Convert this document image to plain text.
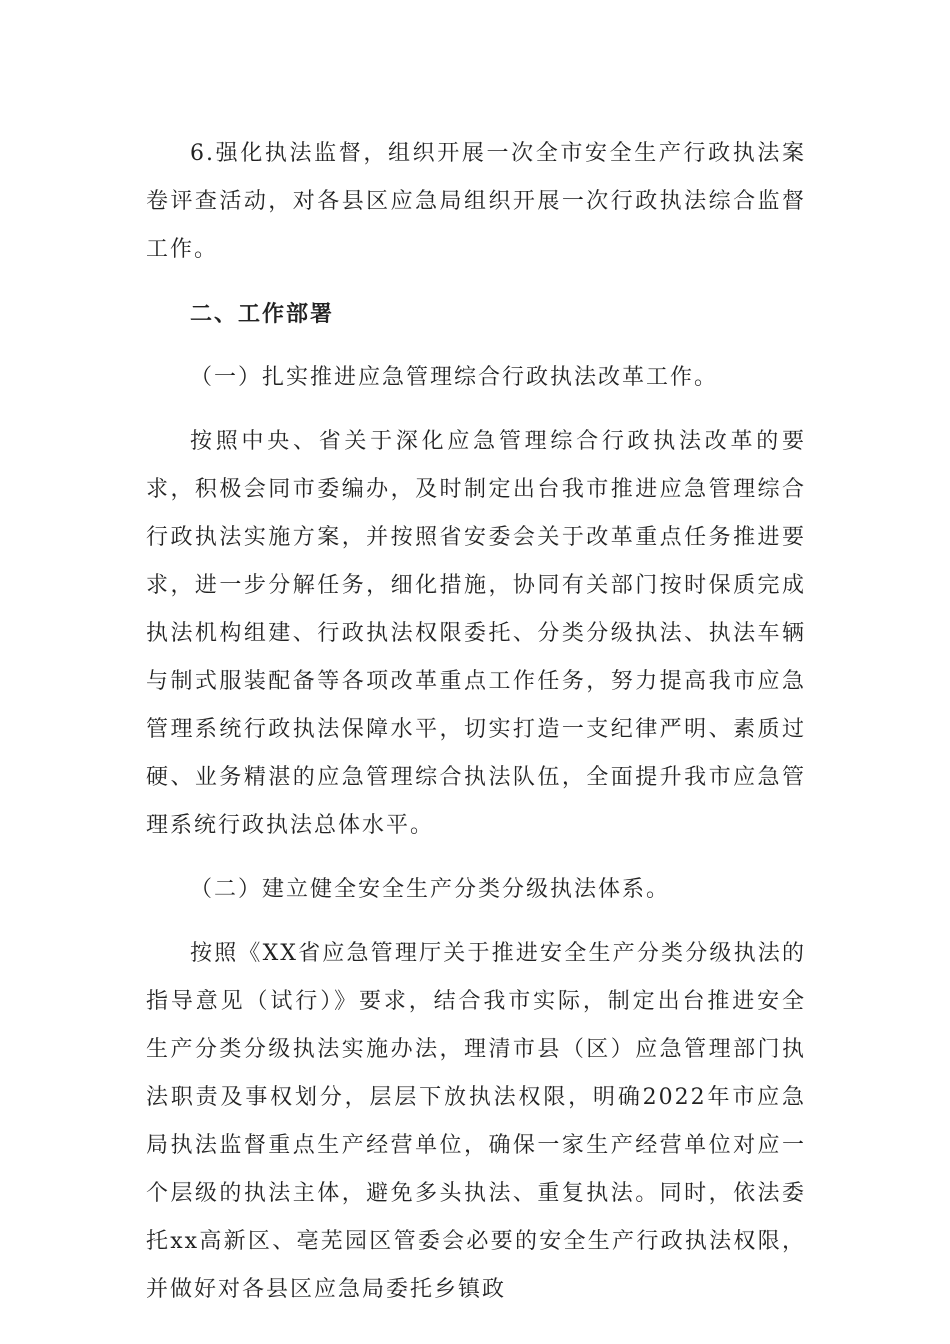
6.强化执法监督，组织开展一次全市安全生产行政执法案卷评查活动，对各县区应急局组织开展一次行政执法综合监督工作。

二、工作部署

（一）扎实推进应急管理综合行政执法改革工作。

按照中央、省关于深化应急管理综合行政执法改革的要求，积极会同市委编办，及时制定出台我市推进应急管理综合行政执法实施方案，并按照省安委会关于改革重点任务推进要求，进一步分解任务，细化措施，协同有关部门按时保质完成执法机构组建、行政执法权限委托、分类分级执法、执法车辆与制式服装配备等各项改革重点工作任务，努力提高我市应急管理系统行政执法保障水平，切实打造一支纪律严明、素质过硬、业务精湛的应急管理综合执法队伍，全面提升我市应急管理系统行政执法总体水平。

（二）建立健全安全生产分类分级执法体系。

按照《XX省应急管理厅关于推进安全生产分类分级执法的指导意见（试行）》要求，结合我市实际，制定出台推进安全生产分类分级执法实施办法，理清市县（区）应急管理部门执法职责及事权划分，层层下放执法权限，明确2022年市应急局执法监督重点生产经营单位，确保一家生产经营单位对应一个层级的执法主体，避免多头执法、重复执法。同时，依法委托xx高新区、亳芜园区管委会必要的安全生产行政执法权限，并做好对各县区应急局委托乡镇政
